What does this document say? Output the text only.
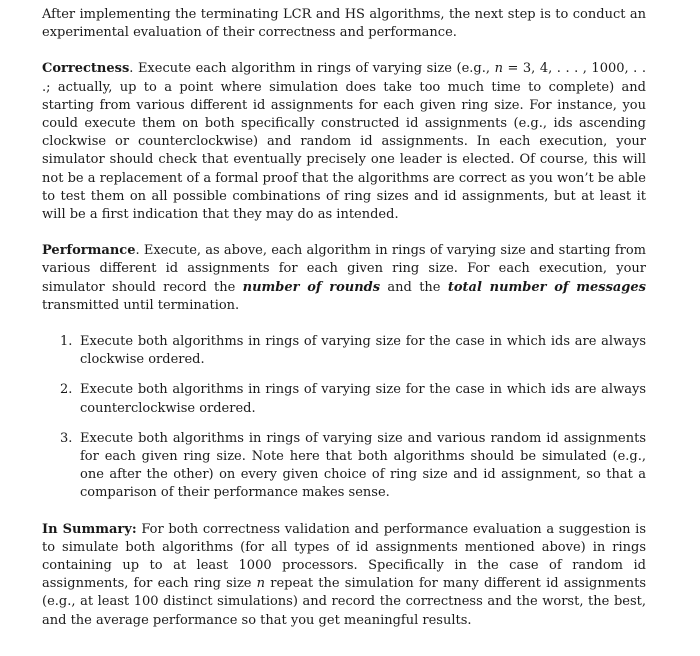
After implementing the terminating LCR and HS algorithms, the next step is to conduct an experimental evaluation of their correctness and performance.

Correctness. Execute each algorithm in rings of varying size (e.g., n = 3, 4, . . . , 1000, . . .; actually, up to a point where simulation does take too much time to complete) and starting from various different id assignments for each given ring size. For instance, you could execute them on both specifically constructed id assignments (e.g., ids ascending clockwise or counterclockwise) and random id assignments. In each execution, your simulator should check that eventually precisely one leader is elected. Of course, this will not be a replacement of a formal proof that the algorithms are correct as you won’t be able to test them on all possible combinations of ring sizes and id assignments, but at least it will be a first indication that they may do as intended.

Performance. Execute, as above, each algorithm in rings of varying size and starting from various different id assignments for each given ring size. For each execution, your simulator should record the number of rounds and the total number of messages transmitted until termination.

1. Execute both algorithms in rings of varying size for the case in which ids are always clockwise ordered.
2. Execute both algorithms in rings of varying size for the case in which ids are always counterclockwise ordered.
3. Execute both algorithms in rings of varying size and various random id assignments for each given ring size. Note here that both algorithms should be simulated (e.g., one after the other) on every given choice of ring size and id assignment, so that a comparison of their performance makes sense.

In Summary: For both correctness validation and performance evaluation a suggestion is to simulate both algorithms (for all types of id assignments mentioned above) in rings containing up to at least 1000 processors. Specifically in the case of random id assignments, for each ring size n repeat the simulation for many different id assignments (e.g., at least 100 distinct simulations) and record the correctness and the worst, the best, and the average performance so that you get meaningful results.
